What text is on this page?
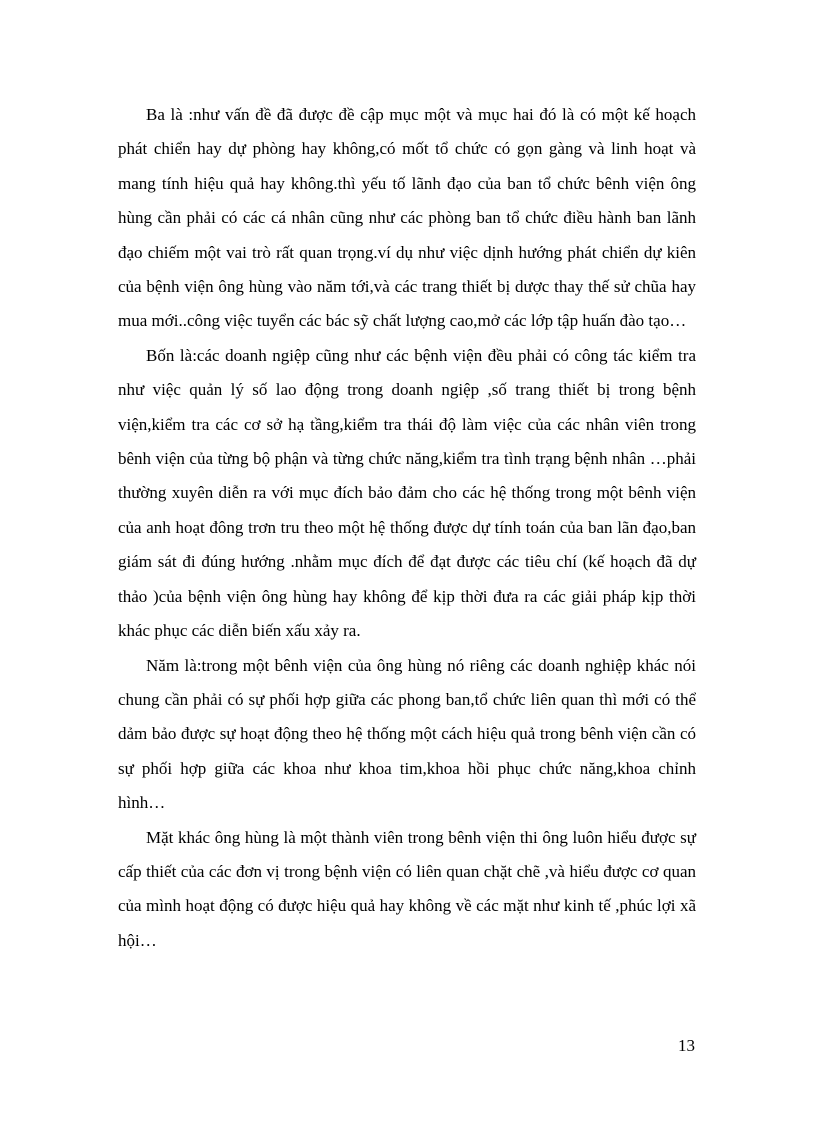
Ba là :như vấn đề đã được đề cập mục một và mục hai đó là có một kế hoạch phát chiển hay dự phòng hay không,có mốt tổ chức có gọn gàng và linh hoạt và mang tính hiệu quả hay không.thì yếu tố lãnh đạo của ban tổ chức bênh viện ông hùng cần phải có các cá nhân cũng như các phòng ban tổ chức điều hành ban lãnh đạo chiếm một vai trò rất quan trọng.ví dụ như việc dịnh hướng phát chiển dự kiên của bệnh viện ông hùng vào năm tới,và các trang thiết bị dược thay thế sử chũa hay mua mới..công việc tuyển các bác sỹ chất lượng cao,mở các lớp tập huấn đào tạo…

Bốn là:các doanh ngiệp cũng như các bệnh viện đều phải có công tác kiểm tra như việc quản lý số lao động trong doanh ngiệp ,số trang thiết bị trong bệnh viện,kiểm tra các cơ sở hạ tầng,kiểm tra thái độ làm việc của các nhân viên trong bênh viện của từng bộ phận và từng chức năng,kiểm tra tình trạng bệnh nhân …phải thường xuyên diễn ra với mục đích bảo đảm cho các hệ thống trong một bênh viện của anh hoạt đông trơn tru theo một hệ thống được dự tính toán của ban lãn đạo,ban giám sát đi đúng hướng .nhằm mục đích để đạt được các tiêu chí (kế hoạch đã dự thảo )của bệnh viện ông hùng hay không để kịp thời đưa ra các giải pháp kịp thời khác phục các diễn biến xấu xảy ra.

Năm là:trong một bênh viện của ông hùng nó riêng các doanh nghiệp khác nói chung cần phải có sự phối hợp giữa các phong ban,tổ chức liên quan thì mới có thể dảm bảo được sự hoạt động theo hệ thống một cách hiệu quả trong bênh viện cần có sự phối hợp giữa các khoa như khoa tim,khoa hồi phục chức năng,khoa chỉnh hình…

Mặt khác ông hùng là một thành viên trong bênh viện thi ông luôn hiểu được sự cấp thiết của các đơn vị trong bệnh viện có liên quan chặt chẽ ,và hiểu được cơ quan của mình hoạt động có được hiệu quả hay không về các mặt như kinh tế ,phúc lợi xã hội…

13
